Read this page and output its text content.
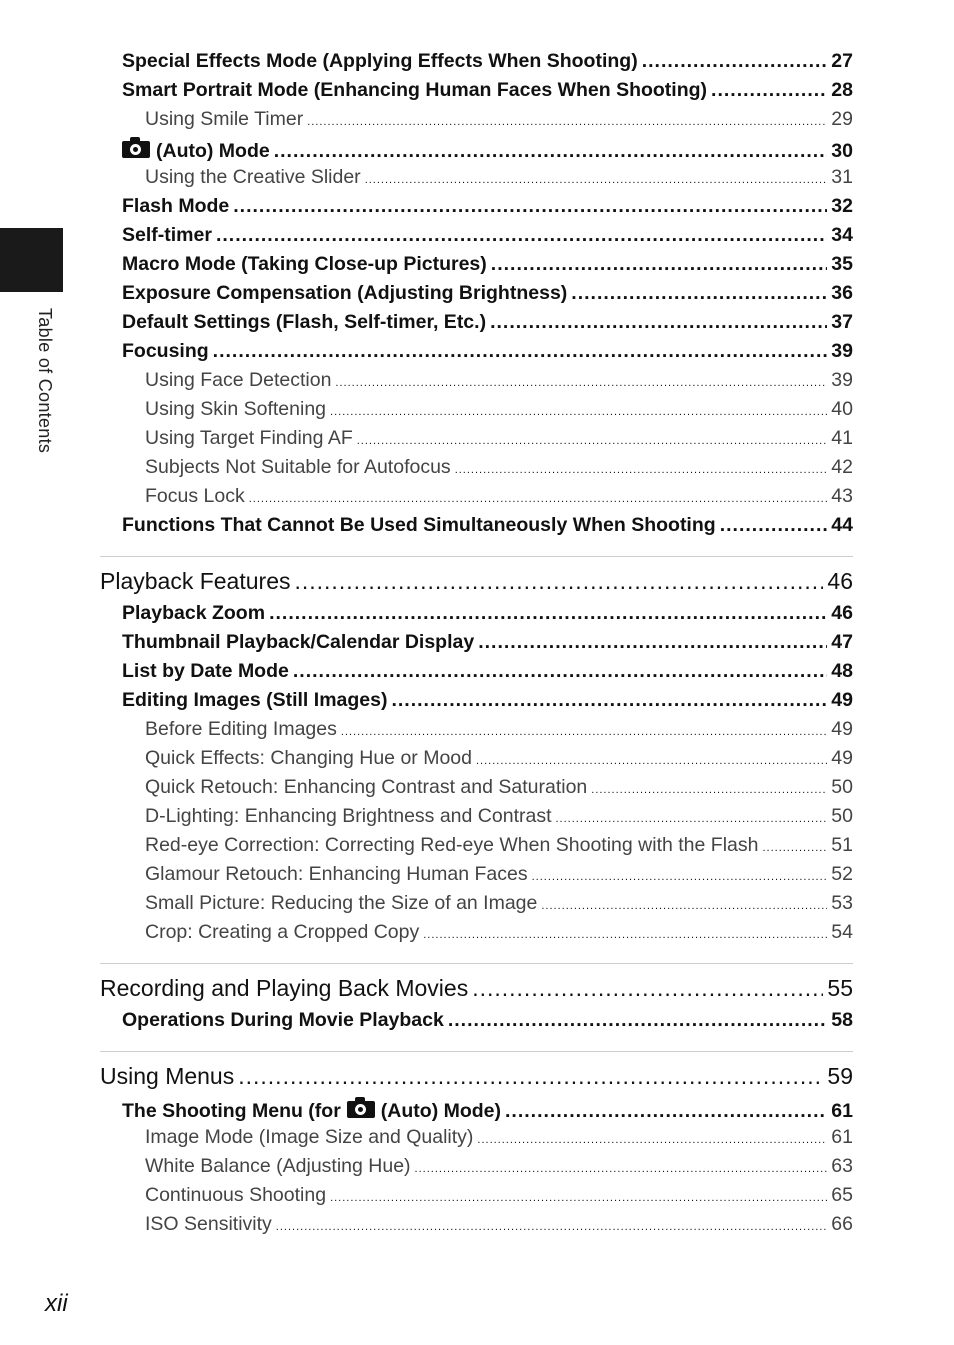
Table of Contents
Special Effects Mode (Applying Effects When Shooting) .....	27
Smart Portrait Mode (Enhancing Human Faces When Shooting) .....	28
Using Smile Timer .....	29
(Auto) Mode .....	30
Using the Creative Slider .....	31
Flash Mode .....	32
Self-timer .....	34
Macro Mode (Taking Close-up Pictures) .....	35
Exposure Compensation (Adjusting Brightness) .....	36
Default Settings (Flash, Self-timer, Etc.) .....	37
Focusing .....	39
Using Face Detection .....	39
Using Skin Softening .....	40
Using Target Finding AF .....	41
Subjects Not Suitable for Autofocus .....	42
Focus Lock .....	43
Functions That Cannot Be Used Simultaneously When Shooting .....	44
Playback Features .....	46
Playback Zoom .....	46
Thumbnail Playback/Calendar Display .....	47
List by Date Mode .....	48
Editing Images (Still Images) .....	49
Before Editing Images .....	49
Quick Effects: Changing Hue or Mood .....	49
Quick Retouch: Enhancing Contrast and Saturation .....	50
D-Lighting: Enhancing Brightness and Contrast .....	50
Red-eye Correction: Correcting Red-eye When Shooting with the Flash .....	51
Glamour Retouch: Enhancing Human Faces .....	52
Small Picture: Reducing the Size of an Image .....	53
Crop: Creating a Cropped Copy .....	54
Recording and Playing Back Movies .....	55
Operations During Movie Playback .....	58
Using Menus .....	59
The Shooting Menu (for (Auto) Mode) .....	61
Image Mode (Image Size and Quality) .....	61
White Balance (Adjusting Hue) .....	63
Continuous Shooting .....	65
ISO Sensitivity .....	66
xii
